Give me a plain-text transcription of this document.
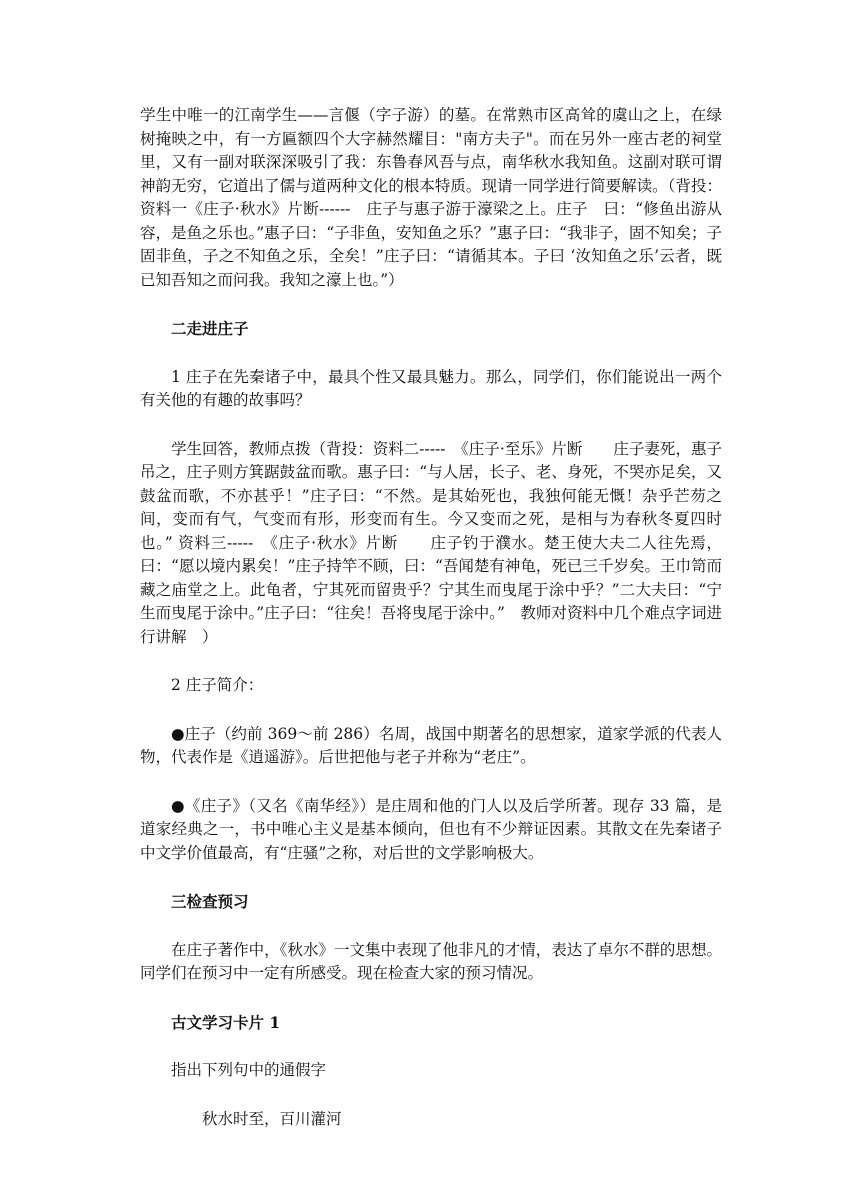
学生中唯一的江南学生——言偃（字子游）的墓。在常熟市区高耸的虞山之上，在绿树掩映之中，有一方匾额四个大字赫然耀目："南方夫子"。而在另外一座古老的祠堂里，又有一副对联深深吸引了我：东鲁春风吾与点，南华秋水我知鱼。这副对联可谓神韵无穷，它道出了儒与道两种文化的根本特质。现请一同学进行简要解读。（背投：资料一《庄子·秋水》片断------　庄子与惠子游于濠梁之上。庄子　曰：“修鱼出游从容，是鱼之乐也。”惠子曰：“子非鱼，安知鱼之乐？”惠子曰：“我非子，固不知矣；子固非鱼，子之不知鱼之乐，全矣！”庄子曰：“请循其本。子曰 ‘汝知鱼之乐’云者，既已知吾知之而问我。我知之濠上也。”）

二走进庄子

1 庄子在先秦诸子中，最具个性又最具魅力。那么，同学们，你们能说出一两个有关他的有趣的故事吗？

学生回答，教师点拨（背投：资料二-----　《庄子·至乐》片断　　庄子妻死，惠子吊之，庄子则方箕踞鼓盆而歌。惠子曰：“与人居，长子、老、身死，不哭亦足矣，又鼓盆而歌，不亦甚乎！”庄子曰：“不然。是其始死也，我独何能无慨！杂乎芒芴之间，变而有气，气变而有形，形变而有生。今又变而之死，是相与为春秋冬夏四时也。” 资料三-----　《庄子·秋水》片断　　庄子钓于濮水。楚王使大夫二人往先焉，曰：“愿以境内累矣！”庄子持竿不顾，曰：“吾闻楚有神龟，死已三千岁矣。王巾笥而藏之庙堂之上。此龟者，宁其死而留贵乎？宁其生而曳尾于涂中乎？”二大夫曰：“宁生而曳尾于涂中。”庄子曰：“往矣！吾将曳尾于涂中。”　教师对资料中几个难点字词进行讲解　）

2 庄子简介：

●庄子（约前 369～前 286）名周，战国中期著名的思想家，道家学派的代表人物，代表作是《逍遥游》。后世把他与老子并称为“老庄”。

●《庄子》（又名《南华经》）是庄周和他的门人以及后学所著。现存 33 篇，是道家经典之一，书中唯心主义是基本倾向，但也有不少辩证因素。其散文在先秦诸子中文学价值最高，有“庄骚”之称，对后世的文学影响极大。

三检查预习

在庄子著作中，《秋水》一文集中表现了他非凡的才情，表达了卓尔不群的思想。同学们在预习中一定有所感受。现在检查大家的预习情况。

古文学习卡片 1

指出下列句中的通假字

秋水时至，百川灌河
